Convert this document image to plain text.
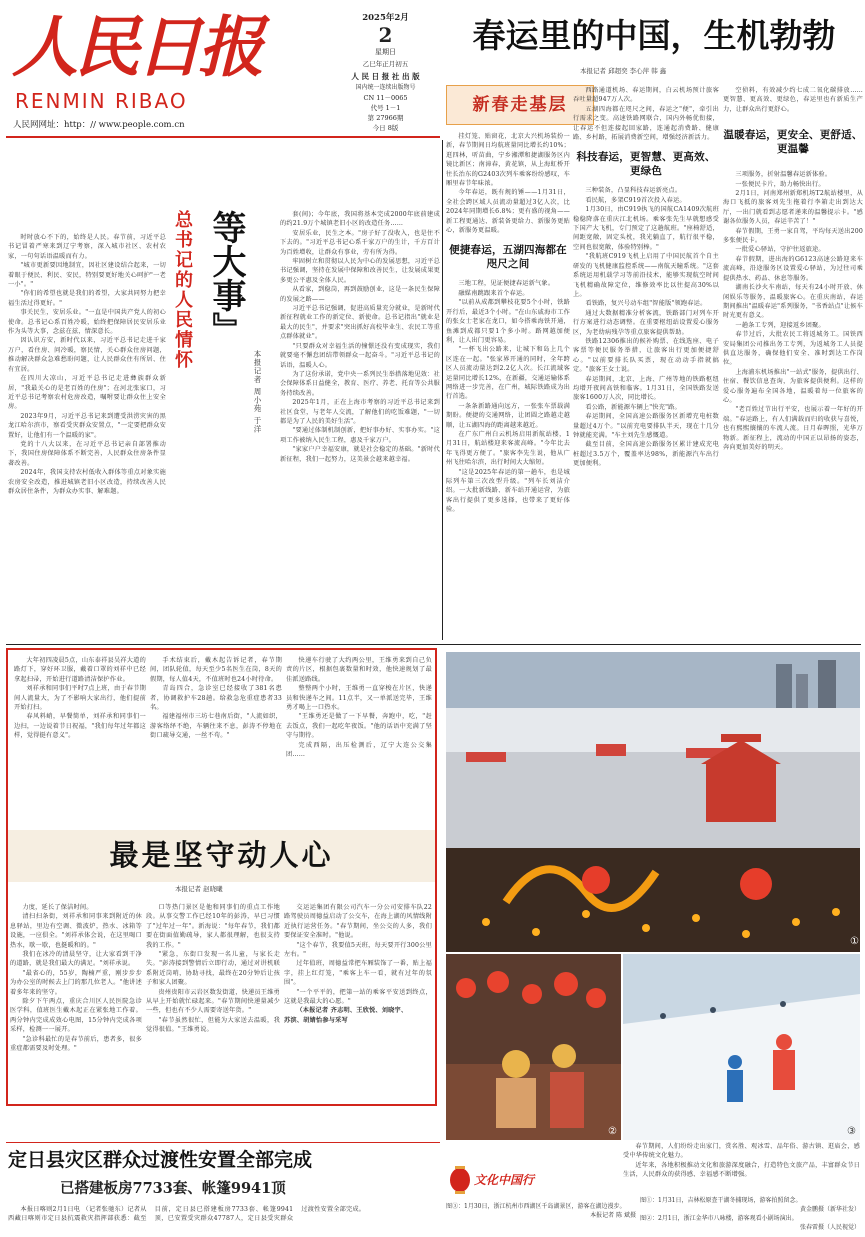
人民日报
RENMIN RIBAO
人民网网址：http：// www.people.com.cn
2025年2月
2
星期日
乙巳年正月初五
人 民 日 报 社 出 版
国内统一连续出版物号
CN 11－0065
代号 1－1
第 27966期
今日 8版
春运里的中国，生机勃勃
本报记者 邱超奕 李心萍 韩 鑫
新春走基层

挂灯笼、贴窗花，北京大兴机场装扮一新，春节期间日均航班量同比增长约10%；逛四林，听苗曲，宁乡湘潭和捷湖服务区内镜比新区；南漳春，黄花镇，从上海虹桥开往长治东的G2403次列车乘客纷纷感叹，车厢里春节年味浓。

今年春运，既有规的锤——1月31日，全社会跨区域人员流动量超过3亿人次，比2024年同期增长6.8%；更有盛的视角——新工程更通达、新装备更给力、新服务更贴心，新服务更温暖。

便捷春运，五湖四海都在咫尺之间

三地工程，见证便捷春运新气象。

融媒南跳跟来首个春运。

"以前从成都到攀枝花要5个小时，铁路开行后，最近3个小时。"在山东戚海市工作的张女士老家在龙口，如今搭乘海铁开通，鱼滩到成都只要1个多小时。路网越加便利，让人出门更容易。

"一杯飞出公路来，让城下和岛上几个区连在一起。"张家界开通的同时，全年跨区人员流动量达到2.2亿人次。长江流域客运量同比增长12%，在新疆，交通运输体系网络进一步完善，在广州，城际铁路成为出行首选。

一条条新路通向远方，一张张车票载满期盼。便捷的交通网络，让团圆之路越走越顺，让五湖四海的距离越来越近。

在广东广州白云机场启用新航站楼，1月31日，航站楼迎来客流高峰。"今年比去年飞得更方便了。"旅客李先生说，他从广州飞往哈尔滨，出行时间大大缩短。

"这是2025年春运的第一趟车，也是城际列车第三次改型升级。"列车长刘洁介绍。一大批新线路、新车站开通运营，为旅客出行提供了更多选择，也带来了更好体验。

西路通道机场、春运期间，白云机场预计旅客吞吐量超947万人次。

五湖四海都在咫尺之间，春运之"便"，牵引出行需求之变。高速铁路网联合，国内外畅优衔接，让春运不但连接起回家路，连通起消费路、健康路、乡村路，拓展消费新空间，增强经济新活力。

科技春运，更智慧、更高效、更绿色

三种装备，凸显科技春运新亮点。

看民航，多架C919首次投入春运。

1月30日，由C919执飞的国航CA1409次航班稳稳降落在重庆江北机场。乘客张先生早就想感受下国产大飞机，专门预定了这趟航班。"座椅舒适，间距宽敞，固定头枕，我光躺直了，航行很平稳，空间也很宽敞，体验特别棒。"

"我航班C919飞机上启用了中国民航首个自主研发的飞机健康监控系统——南航天瞳系统。"这套系统运用机载学习等前沿技术，能够实现航空时间飞机精确故障定位，维修效率比以往提高30%以上。

看铁路，复兴号动车组"智能版"领跑春运。

通过大数据精准分析客流，铁路部门对列车开行方案进行动态调整。在重要枢纽站设置爱心服务区，为老幼病残孕等重点旅客提供帮助。

铁路12306推出的候补购票、在线选座、电子客票等便民服务举措，让旅客出行更加便捷舒心。"以前要排长队买票，现在动动手指就搞定。"旅客王女士说。

春运期间，北京、上海、广州等地的铁路枢纽均增开夜间高铁和临客。1月31日，全国铁路发送旅客1600万人次，同比增长。

看公路，新能源车辆上"快充"路。

春运期间，全国高速公路服务区新增充电桩数量超过4万个。"以前充电要排队半天，现在十几分钟就能充满。"车主刘先生感慨道。

截至目前，全国高速公路服务区累计建成充电桩超过3.5万个，覆盖率达98%，新能源汽车出行更加便利。

空侦料，有效减少约七成二氧化碳排放……更智慧、更高效、更绿色，春运里也有新质生产力，让群众出行更舒心。

温暖春运，更安全、更舒适、更温馨

三项服务，折射温馨春运新体验。

一张便民卡片，助力畅快出行。

2月1日，河南郑州新郑机场T2航站楼里，从海口飞抵的旅客刘先生拖着行李箱走出到达大厅，一出门就看到志愿者递来的温馨提示卡。"感谢各位服务人员，春运辛苦了！"

春节假期，王勇一家自驾，平均每天送出200多张便民卡。

一批爱心驿站，守护往返旅途。

春节假期，进出海的G6123高速公路迎来车流高峰，沿途服务区设置爱心驿站，为过往司乘提供热水、药品、休息等服务。

湖南长沙火车南站，每天有24小时开放、休闲娱乐等服务，温暖旅客心。在重庆南站，春运期间推出"温暖春运"系列服务，"书香站点"让候车时光更有意义。

一趟条工专列，迎接返乡团聚。

春节过后，大批农民工将返城务工。国铁西安局集团公司推出务工专列，为返城务工人员提供直达服务，确保他们安全、准时到达工作岗位。

上海浦东机场推出"一站式"服务，提供出行、住宿、餐饮信息查询，为旅客提供便利。这样的爱心服务遍布全国各地，温暖着每一位旅客的心。

"老百姓过节出行平安，也展示着一年好的开端。"春运路上，有人们满载而归的收获与喜悦，也有熙熙攘攘的车流人流。日月春晖照，光华万物新。新征程上，流动的中国正以昂扬的姿态，奔向更加美好的明天。

总书记的人民情怀 等大事』
本报记者 周小苑 于洋

时时放心不下的，始终是人民。春节前，习近平总书记冒着严寒来到辽宁考察，深入城市社区、农村农家，一句句话语温暖而有力。

"城市更新要因地制宜，因社区建设结合起来，一切着眼于便民、利民、安民，特别要更好地关心呵护"一老一小"。"

"你们的希望也就是我们的希望，大家共同努力把幸福生活过得更好。"

事关民生，安居乐业。"一直是中国共产党人的初心使命。总书记心系百姓冷暖，始终把保障居民安居乐业作为头等大事，念兹在兹，情深意长。

因认识方安，新时代以来，习近平总书记走进千家万户，看住房、问冷暖，察民情，关心群众住房问题，推动解决群众急难愁盼问题，让人民群众住有所居、住有宜居。

在四川大凉山，习近平总书记走进彝族群众新居，"我最关心的是老百姓的住房"；在河北张家口，习近平总书记考察农村危房改造，嘱咐要让群众住上安全房。

2023年9月，习近平总书记来到遭受洪涝灾害的黑龙江哈尔滨市，察看受灾群众安置点，"一定要把群众安置好，让他们有一个温暖的家"。

党的十八大以来，在习近平总书记亲自部署推动下，我国住房保障体系不断完善，人民群众住房条件显著改善。

2024年，我国支持农村低收入群体等重点对象实施农房安全改造，推进城镇老旧小区改造，持续改善人民群众居住条件，为群众办实事、解难题。

套(间)；今年底，我国将基本完成2000年底前建成的约21.9万个城镇老旧小区的改造任务……

安居乐业，民生之本。"房子好了没收入，也是住不下去的。"习近平总书记心系千家万户的生计，千方百计为百姓增收，让群众有事业，劳有所为得。

牢固树立和贯彻以人民为中心的发展思想，习近平总书记强调，坚持在发展中保障和改善民生，让发展成果更多更公平惠及全体人民。

从看家，到稳岗，再到鼓励创业，这是一条民生保障的发展之路——

习近平总书记强调，促进高质量充分就业，是新时代新征程就业工作的新定位、新使命。总书记指出"就业是最大的民生"，并要求"突出抓好高校毕业生、农民工等重点群体就业"。

"只要群众对幸福生活的憧憬还没有变成现实，我们就要毫不懈怠团结带领群众一起奋斗。"习近平总书记的话语，温暖人心。

为了这份承诺，党中央一系列民生举措落地见效：社会保障体系日益健全，教育、医疗、养老、托育等公共服务持续改善。

2025年1月，正在上海市考察的习近平总书记来到社区食堂，与老年人交流，了解他们的吃饭难题，"一切都是为了人民的美好生活"。

"要通过体制机制创新，把好事办好、实事办实。"这项工作被纳入民生工程，惠及千家万户。

"家家户户幸福安康，就是社会稳定的基础。"新时代新征程，我们一起努力，这美景会越来越幸福。

大年初四凌晨5点，山东泰祥县吴祥大道的路灯下，穿好环卫服，戴着口罩的刘祥中已经拿起扫帚，开始进行道路清洁保护作业。

刘祥承和同事们平时7点上班，由于春节期间人流量大，为了不影响大家出行，他们提前开始打扫。

春风料峭，早餐简单，刘祥承和同事们一边扫，一边说着节日祝福，"我们每年过年都这样，觉得挺有意义"。

手术结束后，戴木起告诉记者，春节期间，团队轮值，每天至少5名医生在岗，8天的假期，每人值4天，不值班时也24小时待命。

青岛四合，急诊室已经接收了381名患者，协调救护车28趟。给救急危重症患者33名。

福建福州市三坊七巷南后街，"人流如织，游客络绎不绝，车辆往来不息，彭涛不停地在街口疏导交通，一丝不苟。"

快递车行驶了大约两公里，王维勇来到自己负责的片区，根据包裹数量和时效，他快速规划了最佳派送路线。

整整两个小时，王维勇一直穿梭在片区，快递员和快递车之间。11点半，又一单派送完毕，王维勇才喝上一口热水。

"王维勇还是做了一下早餐，奔跑中，吃，"赶去饭点，我们一起吃年夜饭。"他的话语中充满了坚守与期待。

完成西隔，出压检测后，辽宁大连公交集团……

最是坚守动人心
本报记者 赵晓曦

力度，延长了保洁时间。

清扫扫条街，刘祥承和同事来到附近的休息驿站，里边有空调、微波炉，热水、冰箱等设施，一应俱全。"刘祥承体会说，在这里喝口热水，歇一歇，也挺暖和的。"

我们在冰冷的清晨坚守，让大家看到干净的道路，就是我们最大的满足。"刘祥承说。

"最省心的，55岁，陶楠严重，刚步步步为办公室的时候去上门的那几位老人。"他讲述着多年来的坚守。

除夕下午两点，重庆合川区人民医院急诊医学科，值班医生戴木起正在紧张地工作着。两分钟内完成成效心电图，15分钟内完成各项采样，检测一一展开。

"急诊科最忙的是春节前后，患者多，很多重症都需要及时处理。"

口等热门景区是他和同事们的重点工作地段。从事交警工作已经10年的彭涛，早已习惯了"过年过一年"。新海说："每年春节，我们都要在街面值勤疏导，家人都很理解，也很支持我的工作。"

"紧急，东街口发现一名儿童，与家长走失。"彭涛接到警情后立即行动，通过对讲机联系附近岗哨，协助寻找，最终在20分钟后让孩子和家人团聚。

贵州贵阳市云岩区数发街道，快递员王维勇从早上开始就忙碌起来。"春节期间快递量减少一些，但也有不少人需要寄送年货。"

"春节虽然很忙，但能为大家送去温暖，我觉得很值。"王维勇说。

交运运集团有限公司汽车一分公司安排车队22路驾驶员周德益启动了公交车，在海上湖的风情线附近执行运营任务。"春节期间，坐公交的人多，我们要保证安全准时。"他说。

"这个春节，我要值5天班，每天要开行300公里左右。"

过年值班，周德益常把车厢装饰了一番，贴上福字，挂上红灯笼，"乘客上车一看，就有过年的氛围"。

"一个平平的，把第一站的乘客平安送到终点，这就是我最大的心愿。"

（本报记者 齐志明、王欣悦、刘晓宇、

苏滨、胡婧怡参与采写

①
②	③

春节期间，人们纷纷走出家门，赏名胜、观冰雪、品年俗、游古镇、逛庙会，感受中华传统文化魅力。

近年来，各地积极推动文化和旅游深度融合，打造特色文旅产品，丰富群众节日生活，人民群众的获得感、幸福感不断增强。

定日县灾区群众过渡性安置全部完成
已搭建板房7733套、帐篷9941顶

本报日喀则2月1日电 （记者张驰东）记者从西藏日喀则市定日县抗震救灾指挥部获悉：截至目前，定日县已搭建板房7733套、帐篷9941顶，已安置受灾群众47787人，定日县受灾群众过渡性安置全部完成。

文化中国行
图①：1月31日，吉林松原查干湖冬捕现场，游客拍照留念。
黄金鹏摄（新华社发）
图②：2月1日，浙江金华市八咏楼，游客观看小剧场演出。
张春雷摄（人民视觉）
图③：1月30日，浙江杭州市西湖区千岛湖景区，游客在湖边漫步。
本报记者 陈 斌摄
